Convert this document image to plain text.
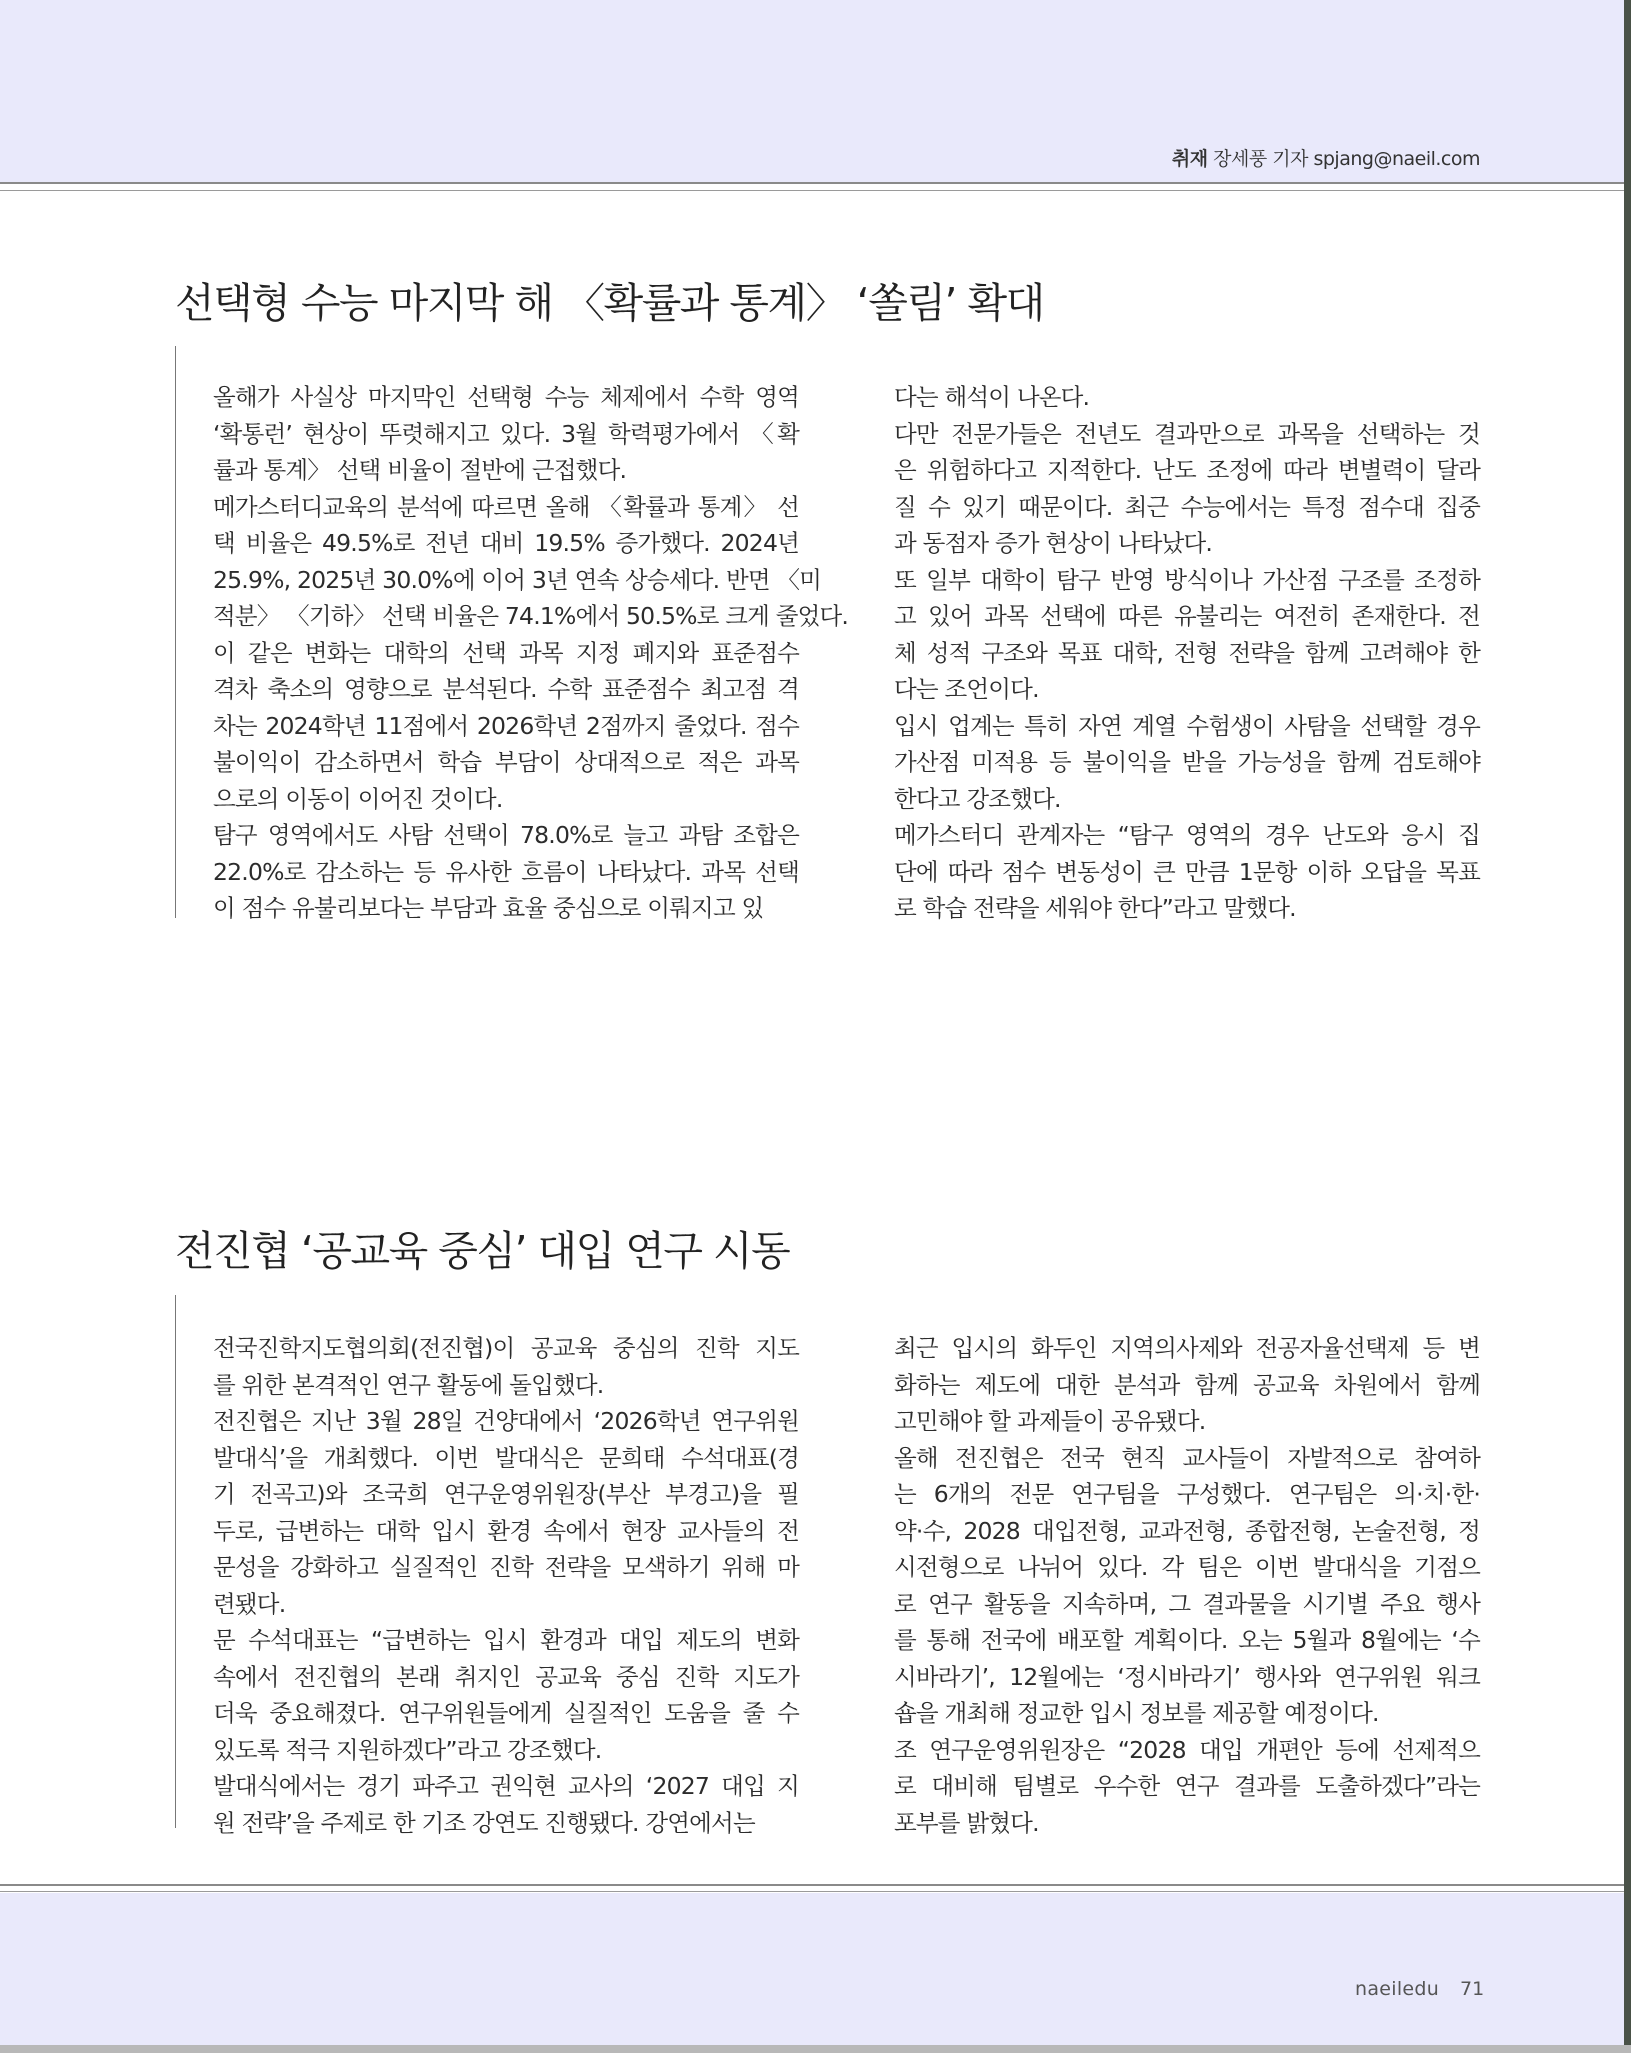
취재 장세풍 기자 spjang@naeil.com
선택형 수능 마지막 해 〈확률과 통계〉 ‘쏠림’ 확대
올해가 사실상 마지막인 선택형 수능 체제에서 수학 영역
‘확통런’ 현상이 뚜렷해지고 있다. 3월 학력평가에서 〈확
률과 통계〉 선택 비율이 절반에 근접했다.
메가스터디교육의 분석에 따르면 올해 〈확률과 통계〉 선
택 비율은 49.5%로 전년 대비 19.5% 증가했다. 2024년
25.9%, 2025년 30.0%에 이어 3년 연속 상승세다. 반면 〈미
적분〉 〈기하〉 선택 비율은 74.1%에서 50.5%로 크게 줄었다.
이 같은 변화는 대학의 선택 과목 지정 폐지와 표준점수
격차 축소의 영향으로 분석된다. 수학 표준점수 최고점 격
차는 2024학년 11점에서 2026학년 2점까지 줄었다. 점수
불이익이 감소하면서 학습 부담이 상대적으로 적은 과목
으로의 이동이 이어진 것이다.
탐구 영역에서도 사탐 선택이 78.0%로 늘고 과탐 조합은
22.0%로 감소하는 등 유사한 흐름이 나타났다. 과목 선택
이 점수 유불리보다는 부담과 효율 중심으로 이뤄지고 있
다는 해석이 나온다.
다만 전문가들은 전년도 결과만으로 과목을 선택하는 것
은 위험하다고 지적한다. 난도 조정에 따라 변별력이 달라
질 수 있기 때문이다. 최근 수능에서는 특정 점수대 집중
과 동점자 증가 현상이 나타났다.
또 일부 대학이 탐구 반영 방식이나 가산점 구조를 조정하
고 있어 과목 선택에 따른 유불리는 여전히 존재한다. 전
체 성적 구조와 목표 대학, 전형 전략을 함께 고려해야 한
다는 조언이다.
입시 업계는 특히 자연 계열 수험생이 사탐을 선택할 경우
가산점 미적용 등 불이익을 받을 가능성을 함께 검토해야
한다고 강조했다.
메가스터디 관계자는 “탐구 영역의 경우 난도와 응시 집
단에 따라 점수 변동성이 큰 만큼 1문항 이하 오답을 목표
로 학습 전략을 세워야 한다”라고 말했다.
전진협 ‘공교육 중심’ 대입 연구 시동
전국진학지도협의회(전진협)이 공교육 중심의 진학 지도
를 위한 본격적인 연구 활동에 돌입했다.
전진협은 지난 3월 28일 건양대에서 ‘2026학년 연구위원
발대식’을 개최했다. 이번 발대식은 문희태 수석대표(경
기 전곡고)와 조국희 연구운영위원장(부산 부경고)을 필
두로, 급변하는 대학 입시 환경 속에서 현장 교사들의 전
문성을 강화하고 실질적인 진학 전략을 모색하기 위해 마
련됐다.
문 수석대표는 “급변하는 입시 환경과 대입 제도의 변화
속에서 전진협의 본래 취지인 공교육 중심 진학 지도가
더욱 중요해졌다. 연구위원들에게 실질적인 도움을 줄 수
있도록 적극 지원하겠다”라고 강조했다.
발대식에서는 경기 파주고 권익현 교사의 ‘2027 대입 지
원 전략’을 주제로 한 기조 강연도 진행됐다. 강연에서는
최근 입시의 화두인 지역의사제와 전공자율선택제 등 변
화하는 제도에 대한 분석과 함께 공교육 차원에서 함께
고민해야 할 과제들이 공유됐다.
올해 전진협은 전국 현직 교사들이 자발적으로 참여하
는 6개의 전문 연구팀을 구성했다. 연구팀은 의·치·한·
약·수, 2028 대입전형, 교과전형, 종합전형, 논술전형, 정
시전형으로 나뉘어 있다. 각 팀은 이번 발대식을 기점으
로 연구 활동을 지속하며, 그 결과물을 시기별 주요 행사
를 통해 전국에 배포할 계획이다. 오는 5월과 8월에는 ‘수
시바라기’, 12월에는 ‘정시바라기’ 행사와 연구위원 워크
숍을 개최해 정교한 입시 정보를 제공할 예정이다.
조 연구운영위원장은 “2028 대입 개편안 등에 선제적으
로 대비해 팀별로 우수한 연구 결과를 도출하겠다”라는
포부를 밝혔다.
naeiledu 71
